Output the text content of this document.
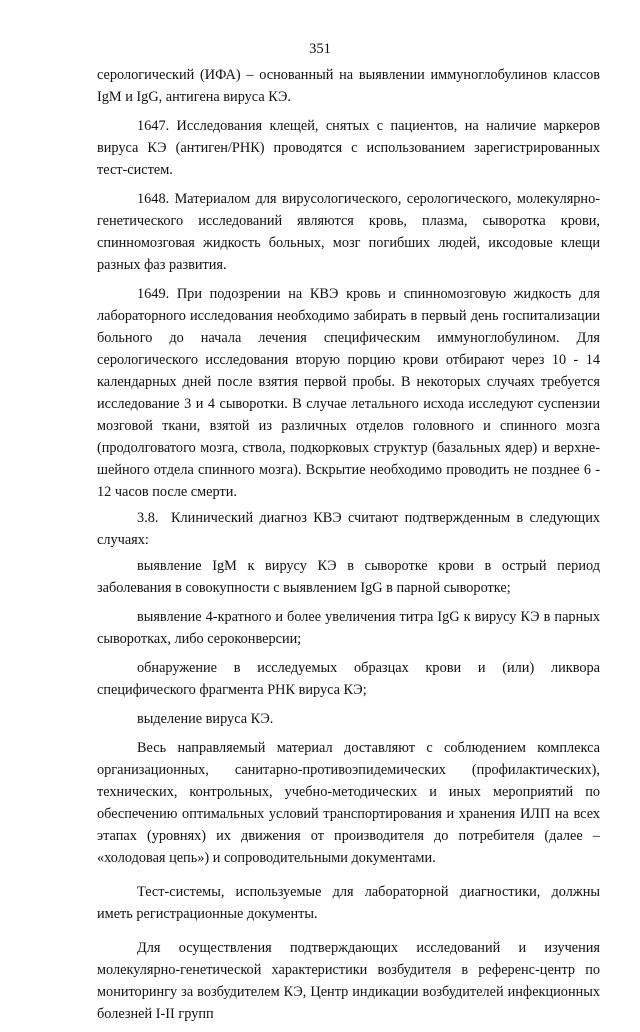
351

серологический (ИФА) – основанный на выявлении иммуноглобулинов классов IgM и IgG, антигена вируса КЭ.

1647. Исследования клещей, снятых с пациентов, на наличие маркеров вируса КЭ (антиген/РНК) проводятся с использованием зарегистрированных тест-систем.

1648. Материалом для вирусологического, серологического, молекулярно-генетического исследований являются кровь, плазма, сыворотка крови, спинномозговая жидкость больных, мозг погибших людей, иксодовые клещи разных фаз развития.

1649. При подозрении на КВЭ кровь и спинномозговую жидкость для лабораторного исследования необходимо забирать в первый день госпитализации больного до начала лечения специфическим иммуноглобулином. Для серологического исследования вторую порцию крови отбирают через 10 - 14 календарных дней после взятия первой пробы. В некоторых случаях требуется исследование 3 и 4 сыворотки. В случае летального исхода исследуют суспензии мозговой ткани, взятой из различных отделов головного и спинного мозга (продолговатого мозга, ствола, подкорковых структур (базальных ядер) и верхне-шейного отдела спинного мозга). Вскрытие необходимо проводить не позднее 6 - 12 часов после смерти.

3.8. Клинический диагноз КВЭ считают подтвержденным в следующих случаях:

выявление IgM к вирусу КЭ в сыворотке крови в острый период заболевания в совокупности с выявлением IgG в парной сыворотке;

выявление 4-кратного и более увеличения титра IgG к вирусу КЭ в парных сыворотках, либо сероконверсии;

обнаружение в исследуемых образцах крови и (или) ликвора специфического фрагмента РНК вируса КЭ;

выделение вируса КЭ.

Весь направляемый материал доставляют с соблюдением комплекса организационных, санитарно-противоэпидемических (профилактических), технических, контрольных, учебно-методических и иных мероприятий по обеспечению оптимальных условий транспортирования и хранения ИЛП на всех этапах (уровнях) их движения от производителя до потребителя (далее – «холодовая цепь») и сопроводительными документами.

Тест-системы, используемые для лабораторной диагностики, должны иметь регистрационные документы.

Для осуществления подтверждающих исследований и изучения молекулярно-генетической характеристики возбудителя в референс-центр по мониторингу за возбудителем КЭ, Центр индикации возбудителей инфекционных болезней I-II групп
